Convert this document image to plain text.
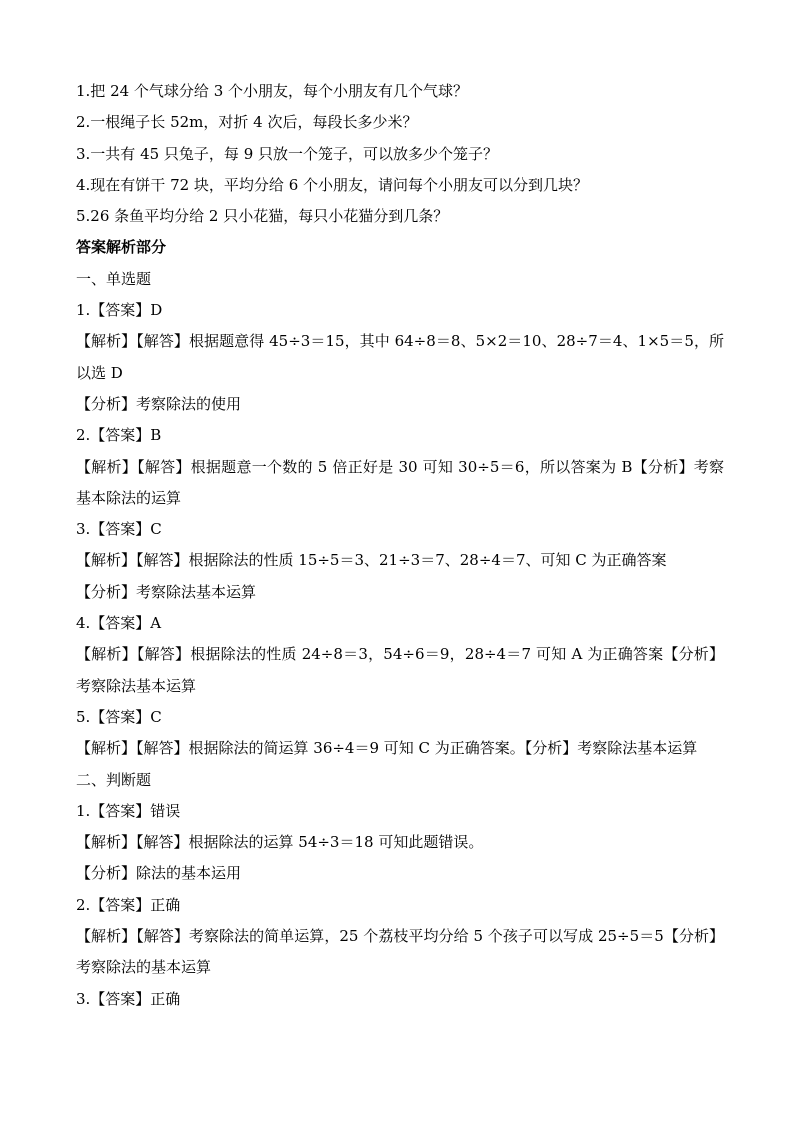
1.把 24 个气球分给 3 个小朋友，每个小朋友有几个气球？
2.一根绳子长 52m，对折 4 次后，每段长多少米？
3.一共有 45 只兔子，每 9 只放一个笼子，可以放多少个笼子？
4.现在有饼干 72 块，平均分给 6 个小朋友，请问每个小朋友可以分到几块？
5.26 条鱼平均分给 2 只小花猫，每只小花猫分到几条？
答案解析部分
一、单选题
1.【答案】D
【解析】【解答】根据题意得 45÷3＝15，其中 64÷8＝8、5×2＝10、28÷7＝4、1×5＝5，所以选 D
【分析】考察除法的使用
2.【答案】B
【解析】【解答】根据题意一个数的 5 倍正好是 30 可知 30÷5＝6，所以答案为 B【分析】考察基本除法的运算
3.【答案】C
【解析】【解答】根据除法的性质 15÷5＝3、21÷3＝7、28÷4＝7、可知 C 为正确答案
【分析】考察除法基本运算
4.【答案】A
【解析】【解答】根据除法的性质 24÷8＝3，54÷6＝9，28÷4＝7 可知 A 为正确答案【分析】考察除法基本运算
5.【答案】C
【解析】【解答】根据除法的简运算 36÷4＝9 可知 C 为正确答案。【分析】考察除法基本运算
二、判断题
1.【答案】错误
【解析】【解答】根据除法的运算 54÷3＝18 可知此题错误。
【分析】除法的基本运用
2.【答案】正确
【解析】【解答】考察除法的简单运算，25 个荔枝平均分给 5 个孩子可以写成 25÷5＝5【分析】考察除法的基本运算
3.【答案】正确
